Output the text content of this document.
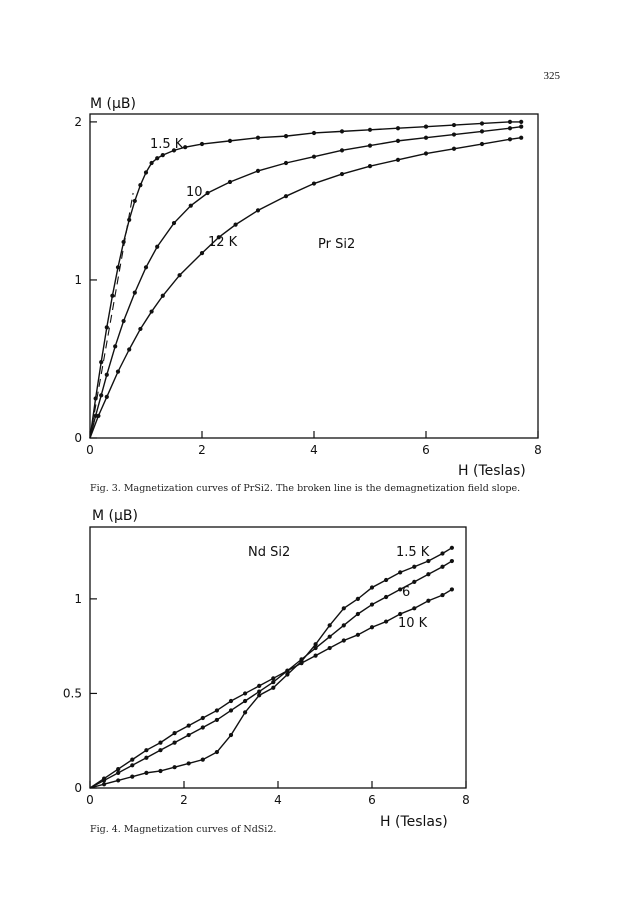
325
0	2	4	6	8
0
1
2
M (μB)
H (Teslas)
Pr Si2
1.5 K
10
12 K
0	2	4	6	8
0
0.5
1
M (μB)
H (Teslas)
Nd Si2	1.5 K
6
10 K
Fig. 3. Magnetization curves of PrSi2. The broken line is the demagnetization field slope.
Fig. 4. Magnetization curves of NdSi2.
